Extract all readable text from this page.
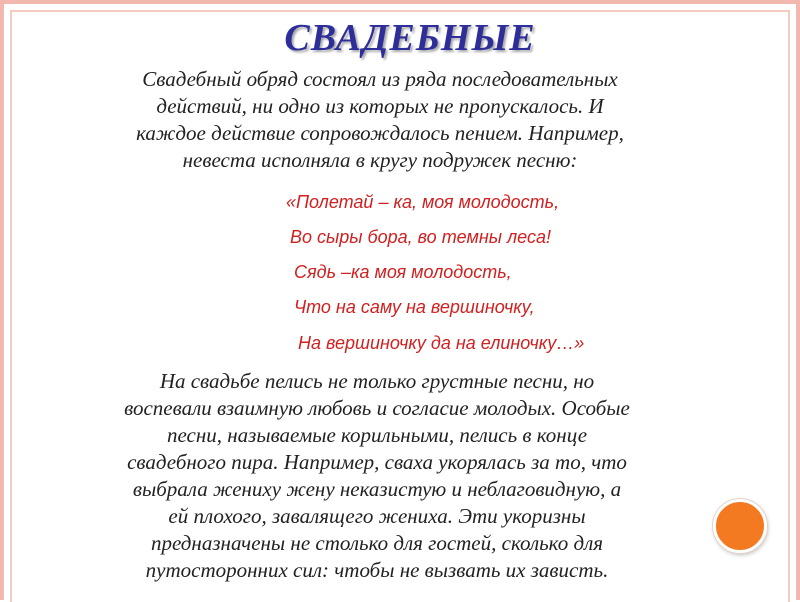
СВАДЕБНЫЕ

Свадебный обряд состоял из ряда последовательных
действий, ни одно из которых не пропускалось. И
каждое действие сопровождалось пением. Например,
невеста исполняла в кругу подружек песню:

«Полетай – ка, моя молодость,
Во сыры бора, во темны леса!
Сядь –ка моя молодость,
Что на саму на вершиночку,
На вершиночку да на елиночку…»

На свадьбе пелись не только грустные песни, но
воспевали взаимную любовь и согласие молодых. Особые
песни, называемые корильными, пелись в конце
свадебного пира. Например, сваха укорялась за то, что
выбрала жениху жену неказистую и неблаговидную, а
ей плохого, завалящего жениха. Эти укоризны
предназначены не столько для гостей, сколько для
путосторонних сил: чтобы не вызвать их зависть.
